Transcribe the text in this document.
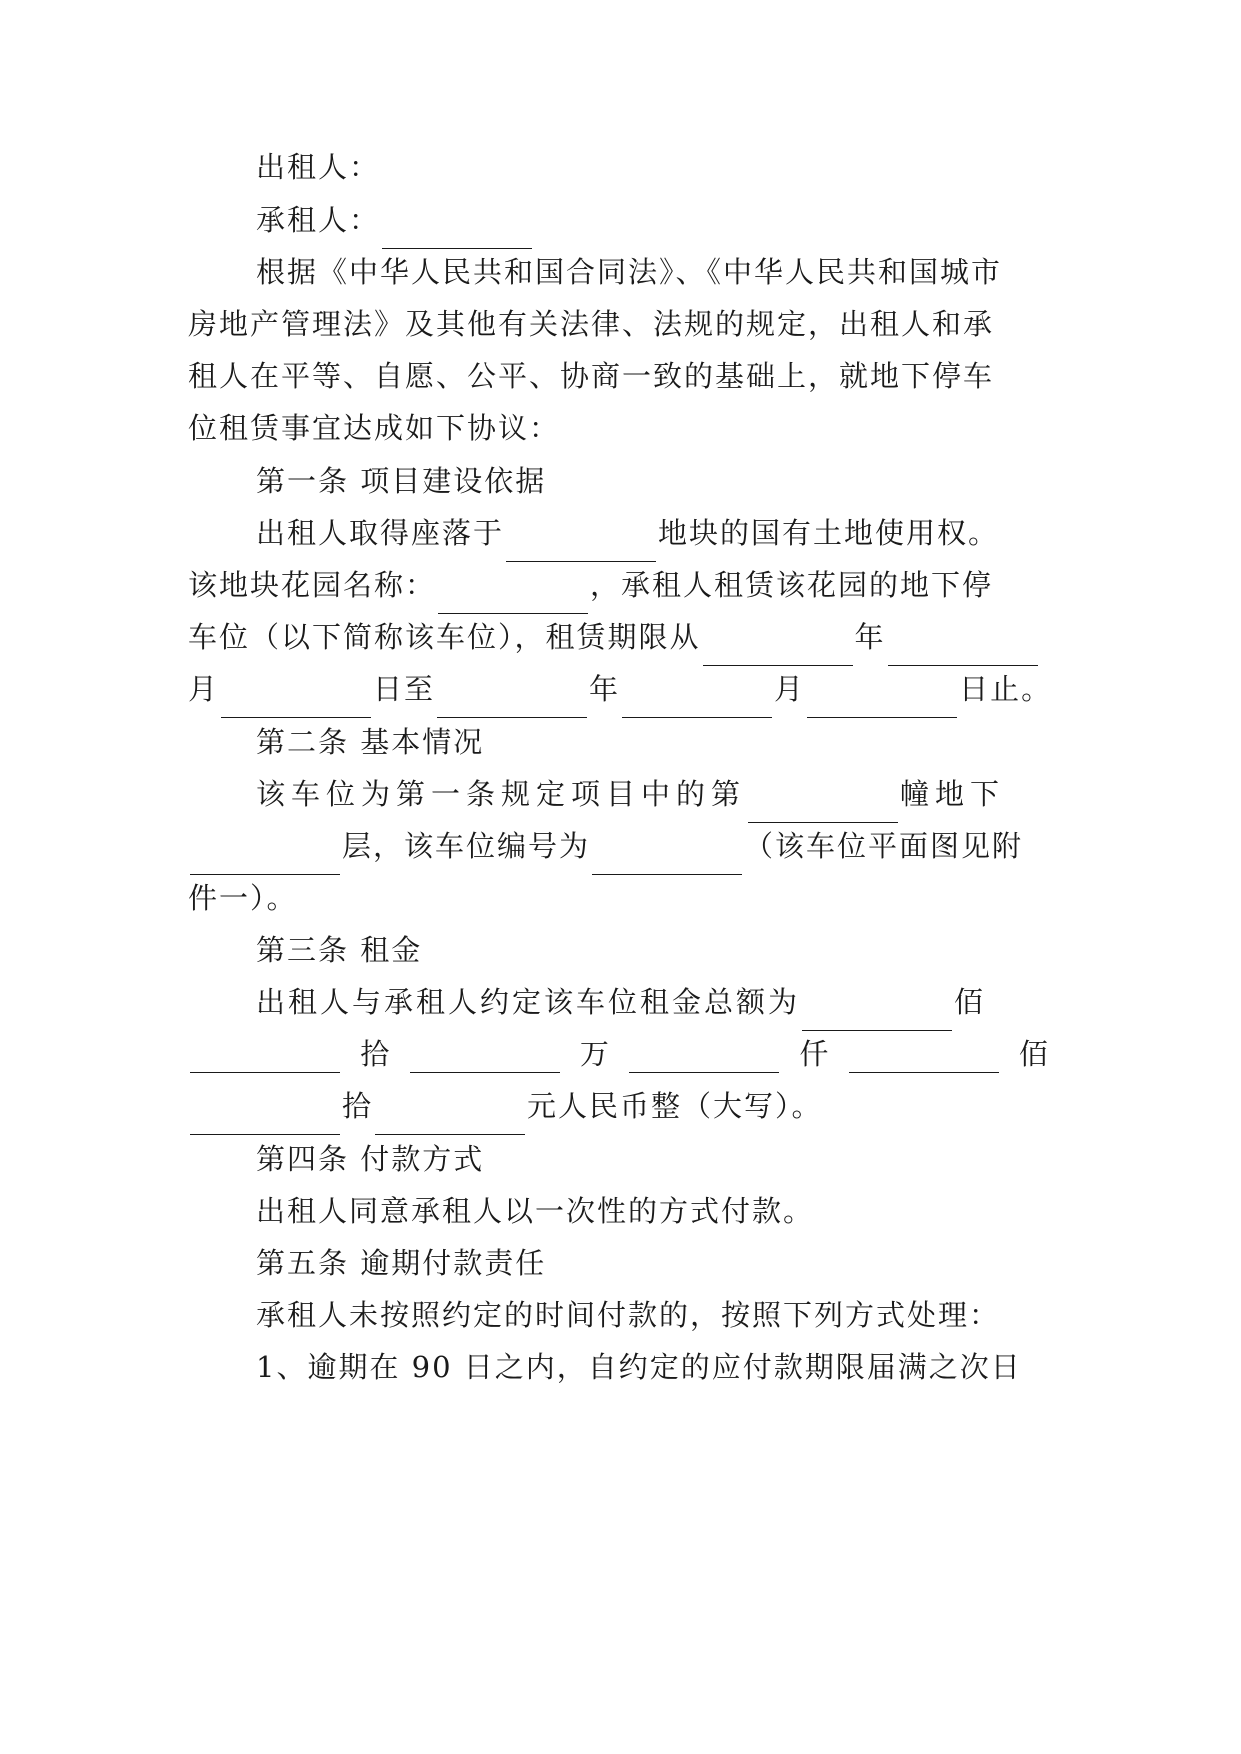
出租人：
承租人：
根据《中华人民共和国合同法》、《中华人民共和国城市
房地产管理法》及其他有关法律、法规的规定，出租人和承
租人在平等、自愿、公平、协商一致的基础上，就地下停车
位租赁事宜达成如下协议：
第一条 项目建设依据
出租人取得座落于	地块的国有土地使用权。
该地块花园名称：	，承租人租赁该花园的地下停
车位（以下简称该车位），租赁期限从	年
月	日至	年	月	日止。
第二条 基本情况
该车位为第一条规定项目中的第	幢地下
层，该车位编号为	（该车位平面图见附
件一）。
第三条 租金
出租人与承租人约定该车位租金总额为	佰
拾	万	仟	佰
拾	元人民币整（大写）。
第四条 付款方式
出租人同意承租人以一次性的方式付款。
第五条 逾期付款责任
承租人未按照约定的时间付款的，按照下列方式处理：
1、逾期在 90 日之内，自约定的应付款期限届满之次日
